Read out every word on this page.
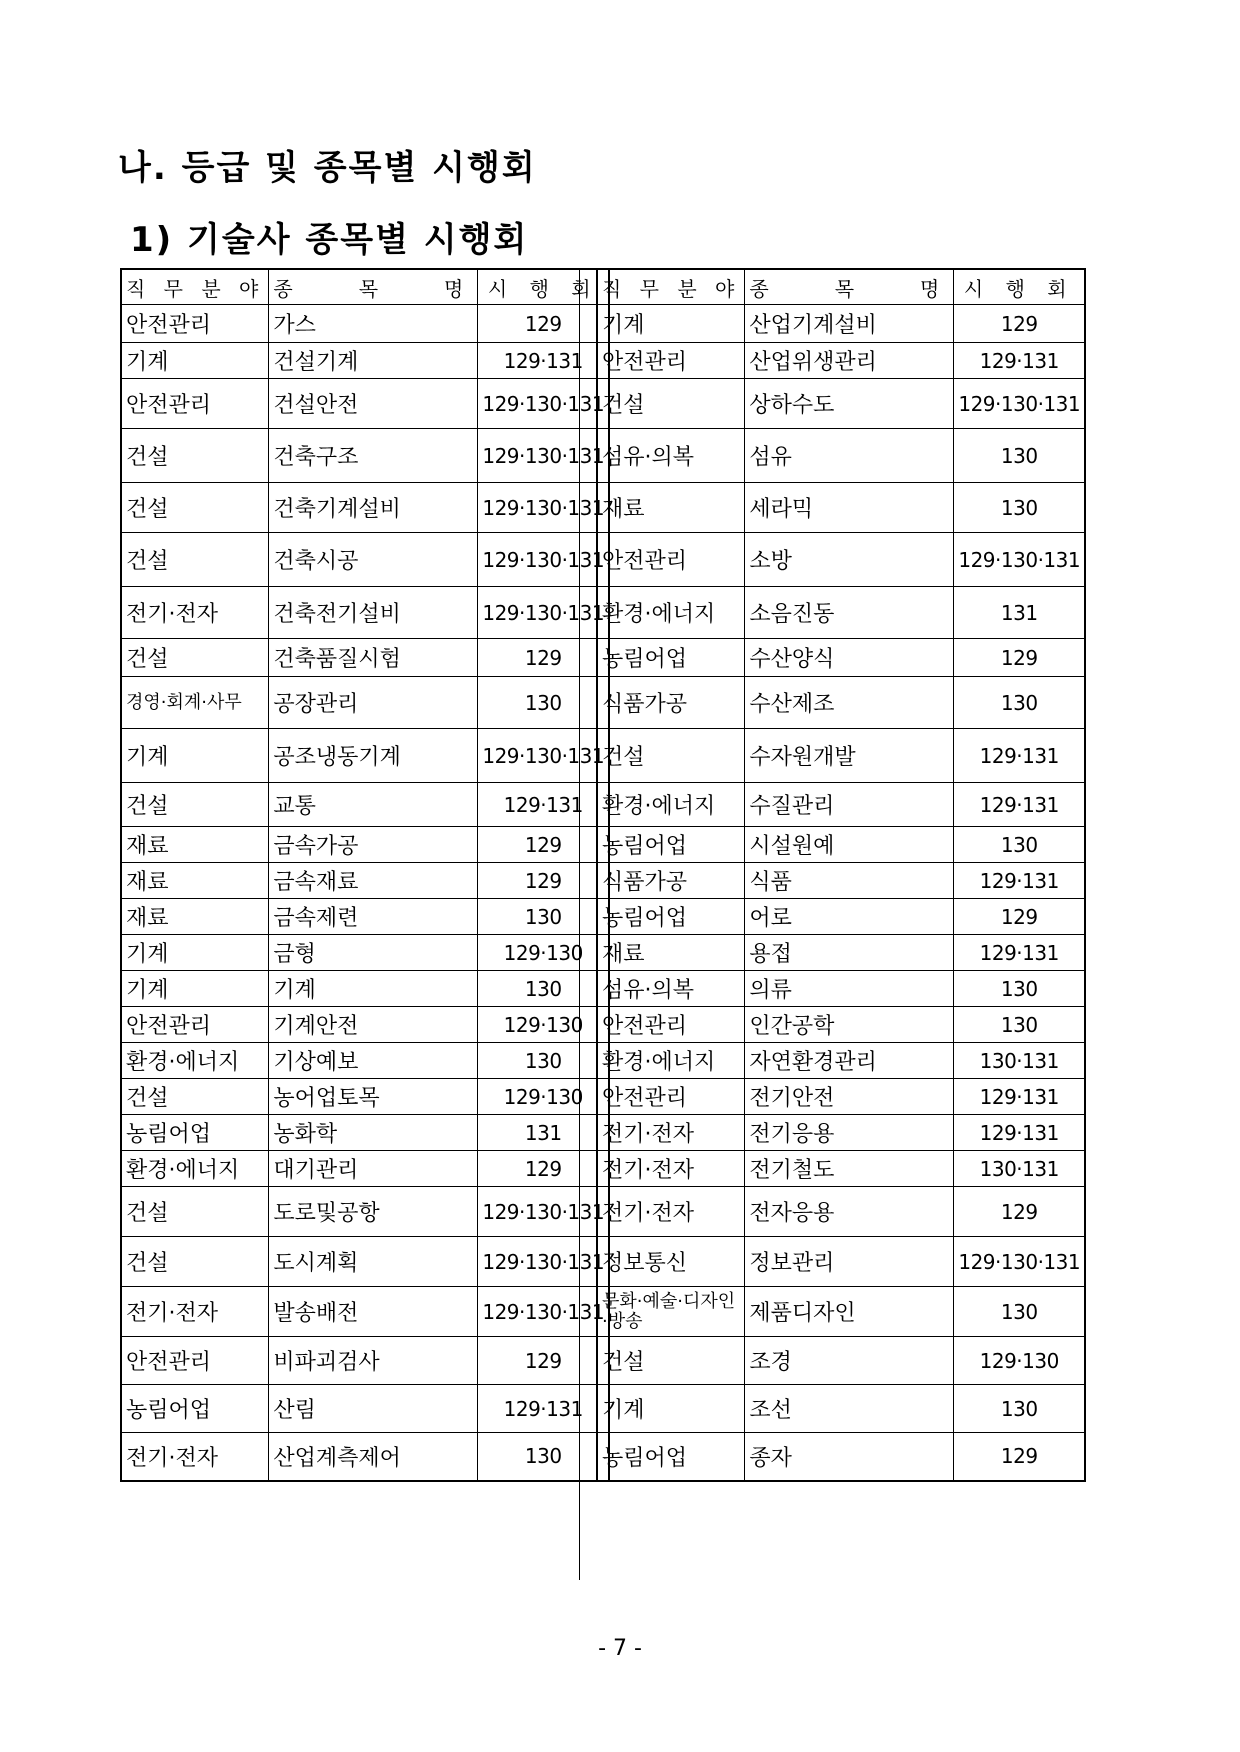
나. 등급 및 종목별 시행회
1) 기술사 종목별 시행회
직 무 분 야	종 목 명	시 행 회
안전관리	가스	129
기계	건설기계	129·131
안전관리	건설안전	129·130·131
건설	건축구조	129·130·131
건설	건축기계설비	129·130·131
건설	건축시공	129·130·131
전기·전자	건축전기설비	129·130·131
건설	건축품질시험	129
경영·회계·사무	공장관리	130
기계	공조냉동기계	129·130·131
건설	교통	129·131
재료	금속가공	129
재료	금속재료	129
재료	금속제련	130
기계	금형	129·130
기계	기계	130
안전관리	기계안전	129·130
환경·에너지	기상예보	130
건설	농어업토목	129·130
농림어업	농화학	131
환경·에너지	대기관리	129
건설	도로및공항	129·130·131
건설	도시계획	129·130·131
전기·전자	발송배전	129·130·131
안전관리	비파괴검사	129
농림어업	산림	129·131
전기·전자	산업계측제어	130
직 무 분 야	종 목 명	시 행 회
기계	산업기계설비	129
안전관리	산업위생관리	129·131
건설	상하수도	129·130·131
섬유·의복	섬유	130
재료	세라믹	130
안전관리	소방	129·130·131
환경·에너지	소음진동	131
농림어업	수산양식	129
식품가공	수산제조	130
건설	수자원개발	129·131
환경·에너지	수질관리	129·131
농림어업	시설원예	130
식품가공	식품	129·131
농림어업	어로	129
재료	용접	129·131
섬유·의복	의류	130
안전관리	인간공학	130
환경·에너지	자연환경관리	130·131
안전관리	전기안전	129·131
전기·전자	전기응용	129·131
전기·전자	전기철도	130·131
전기·전자	전자응용	129
정보통신	정보관리	129·130·131
문화·예술·디자인·방송	제품디자인	130
건설	조경	129·130
기계	조선	130
농림어업	종자	129
- 7 -
